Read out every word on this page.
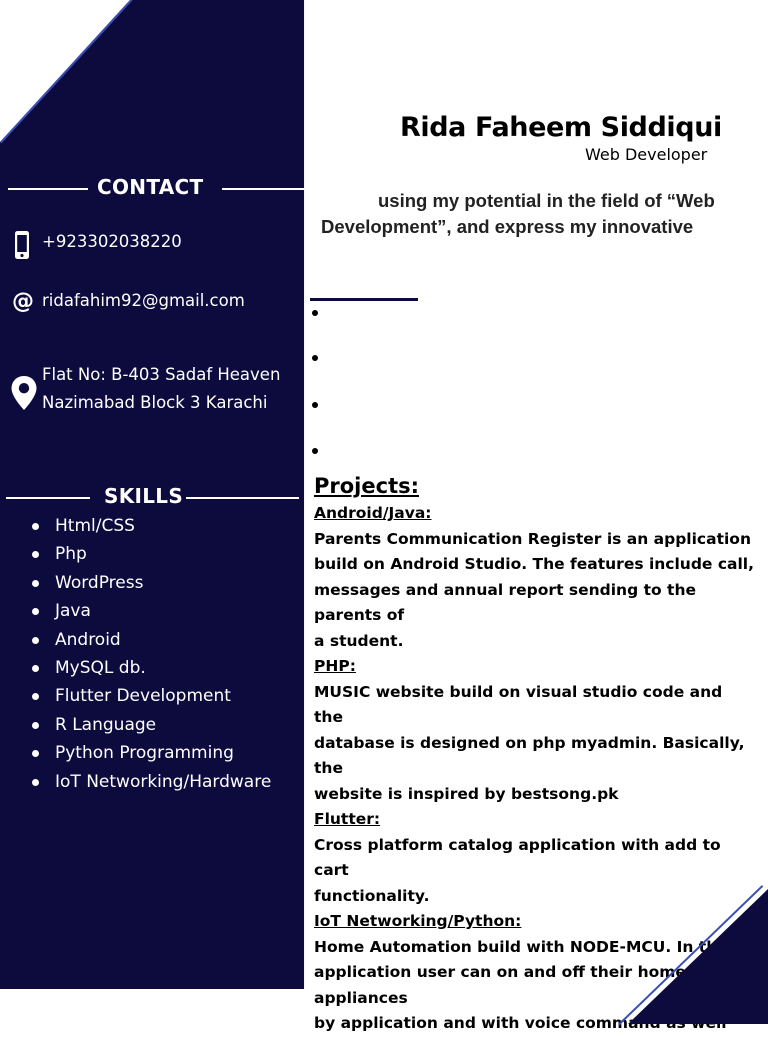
CONTACT
+923302038220
@ ridafahim92@gmail.com
Flat No: B-403 Sadaf Heaven
Nazimabad Block 3 Karachi
SKILLS
Html/CSS
Php
WordPress
Java
Android
MySQL db.
Flutter Development
R Language
Python Programming
IoT Networking/Hardware
Rida Faheem Siddiqui
Web Developer
using my potential in the field of “Web
Development”, and express my innovative

Projects:

Android/Java:

Parents Communication Register is an application

build on Android Studio. The features include call,

messages and annual report sending to the parents of

a student.

PHP:

MUSIC website build on visual studio code and the

database is designed on php myadmin. Basically, the

website is inspired by bestsong.pk

Flutter:

Cross platform catalog application with add to cart

functionality.

IoT Networking/Python:

Home Automation build with NODE-MCU. In this

application user can on and off their home appliances

by application and with voice command as well
